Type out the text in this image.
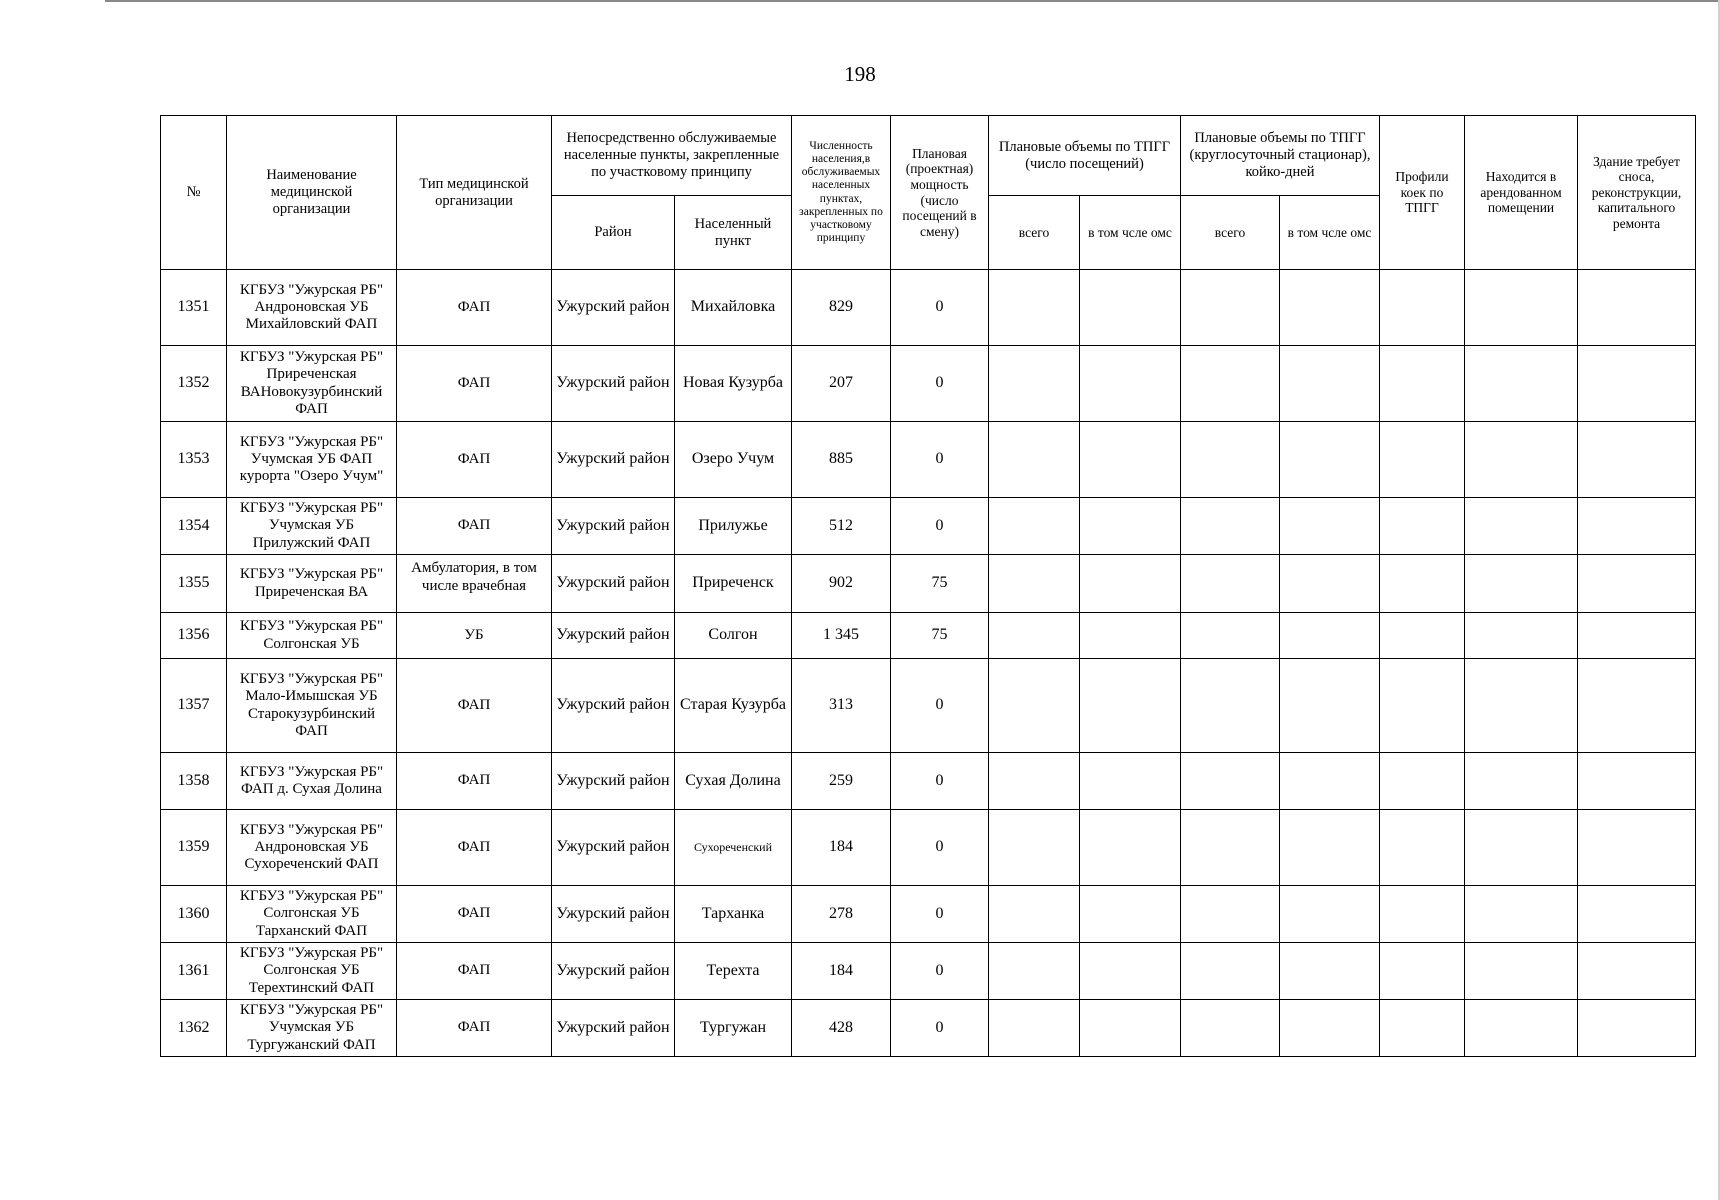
198
№	Наименование медицинской организации	Тип медицинской организации	Непосредственно обслуживаемые населенные пункты, закрепленные по участковому принципу		Численность населения,в обслуживаемых населенных пунктах, закрепленных по участковому принципу	Плановая (проектная) мощность (число посещений в смену)	Плановые объемы по ТПГГ (число посещений)		Плановые объемы по ТПГГ (круглосуточный стационар), койко-дней		Профили коек по ТПГГ	Находится в арендованном помещении	Здание требует сноса, реконструкции, капитального ремонта
			Район	Населенный пункт			всего	в том чсле омс	всего	в том чсле омс			
1351	КГБУЗ "Ужурская РБ" Андроновская УБ Михайловский ФАП	ФАП	Ужурский район	Михайловка	829	0							
1352	КГБУЗ "Ужурская РБ" Прирeченская ВАНовокузурбинский ФАП	ФАП	Ужурский район	Новая Кузурба	207	0							
1353	КГБУЗ "Ужурская РБ" Учумская УБ ФАП курорта "Озеро Учум"	ФАП	Ужурский район	Озеро Учум	885	0							
1354	КГБУЗ "Ужурская РБ" Учумская УБ Прилужский ФАП	ФАП	Ужурский район	Прилужье	512	0							
1355	КГБУЗ "Ужурская РБ" Приреченская ВА	Амбулатория, в том числе врачебная	Ужурский район	Приреченск	902	75							
1356	КГБУЗ "Ужурская РБ" Солгонская УБ	УБ	Ужурский район	Солгон	1 345	75							
1357	КГБУЗ "Ужурская РБ" Мало-Имышская УБ Старокузурбинский ФАП	ФАП	Ужурский район	Старая Кузурба	313	0							
1358	КГБУЗ "Ужурская РБ" ФАП д. Сухая Долина	ФАП	Ужурский район	Сухая Долина	259	0							
1359	КГБУЗ "Ужурская РБ" Андроновская УБ Сухореченский ФАП	ФАП	Ужурский район	Сухореченский	184	0							
1360	КГБУЗ "Ужурская РБ" Солгонская УБ Тарханский ФАП	ФАП	Ужурский район	Тарханка	278	0							
1361	КГБУЗ "Ужурская РБ" Солгонская УБ Терехтинский ФАП	ФАП	Ужурский район	Терехта	184	0							
1362	КГБУЗ "Ужурская РБ" Учумская УБ Тургужанский ФАП	ФАП	Ужурский район	Тургужан	428	0							
